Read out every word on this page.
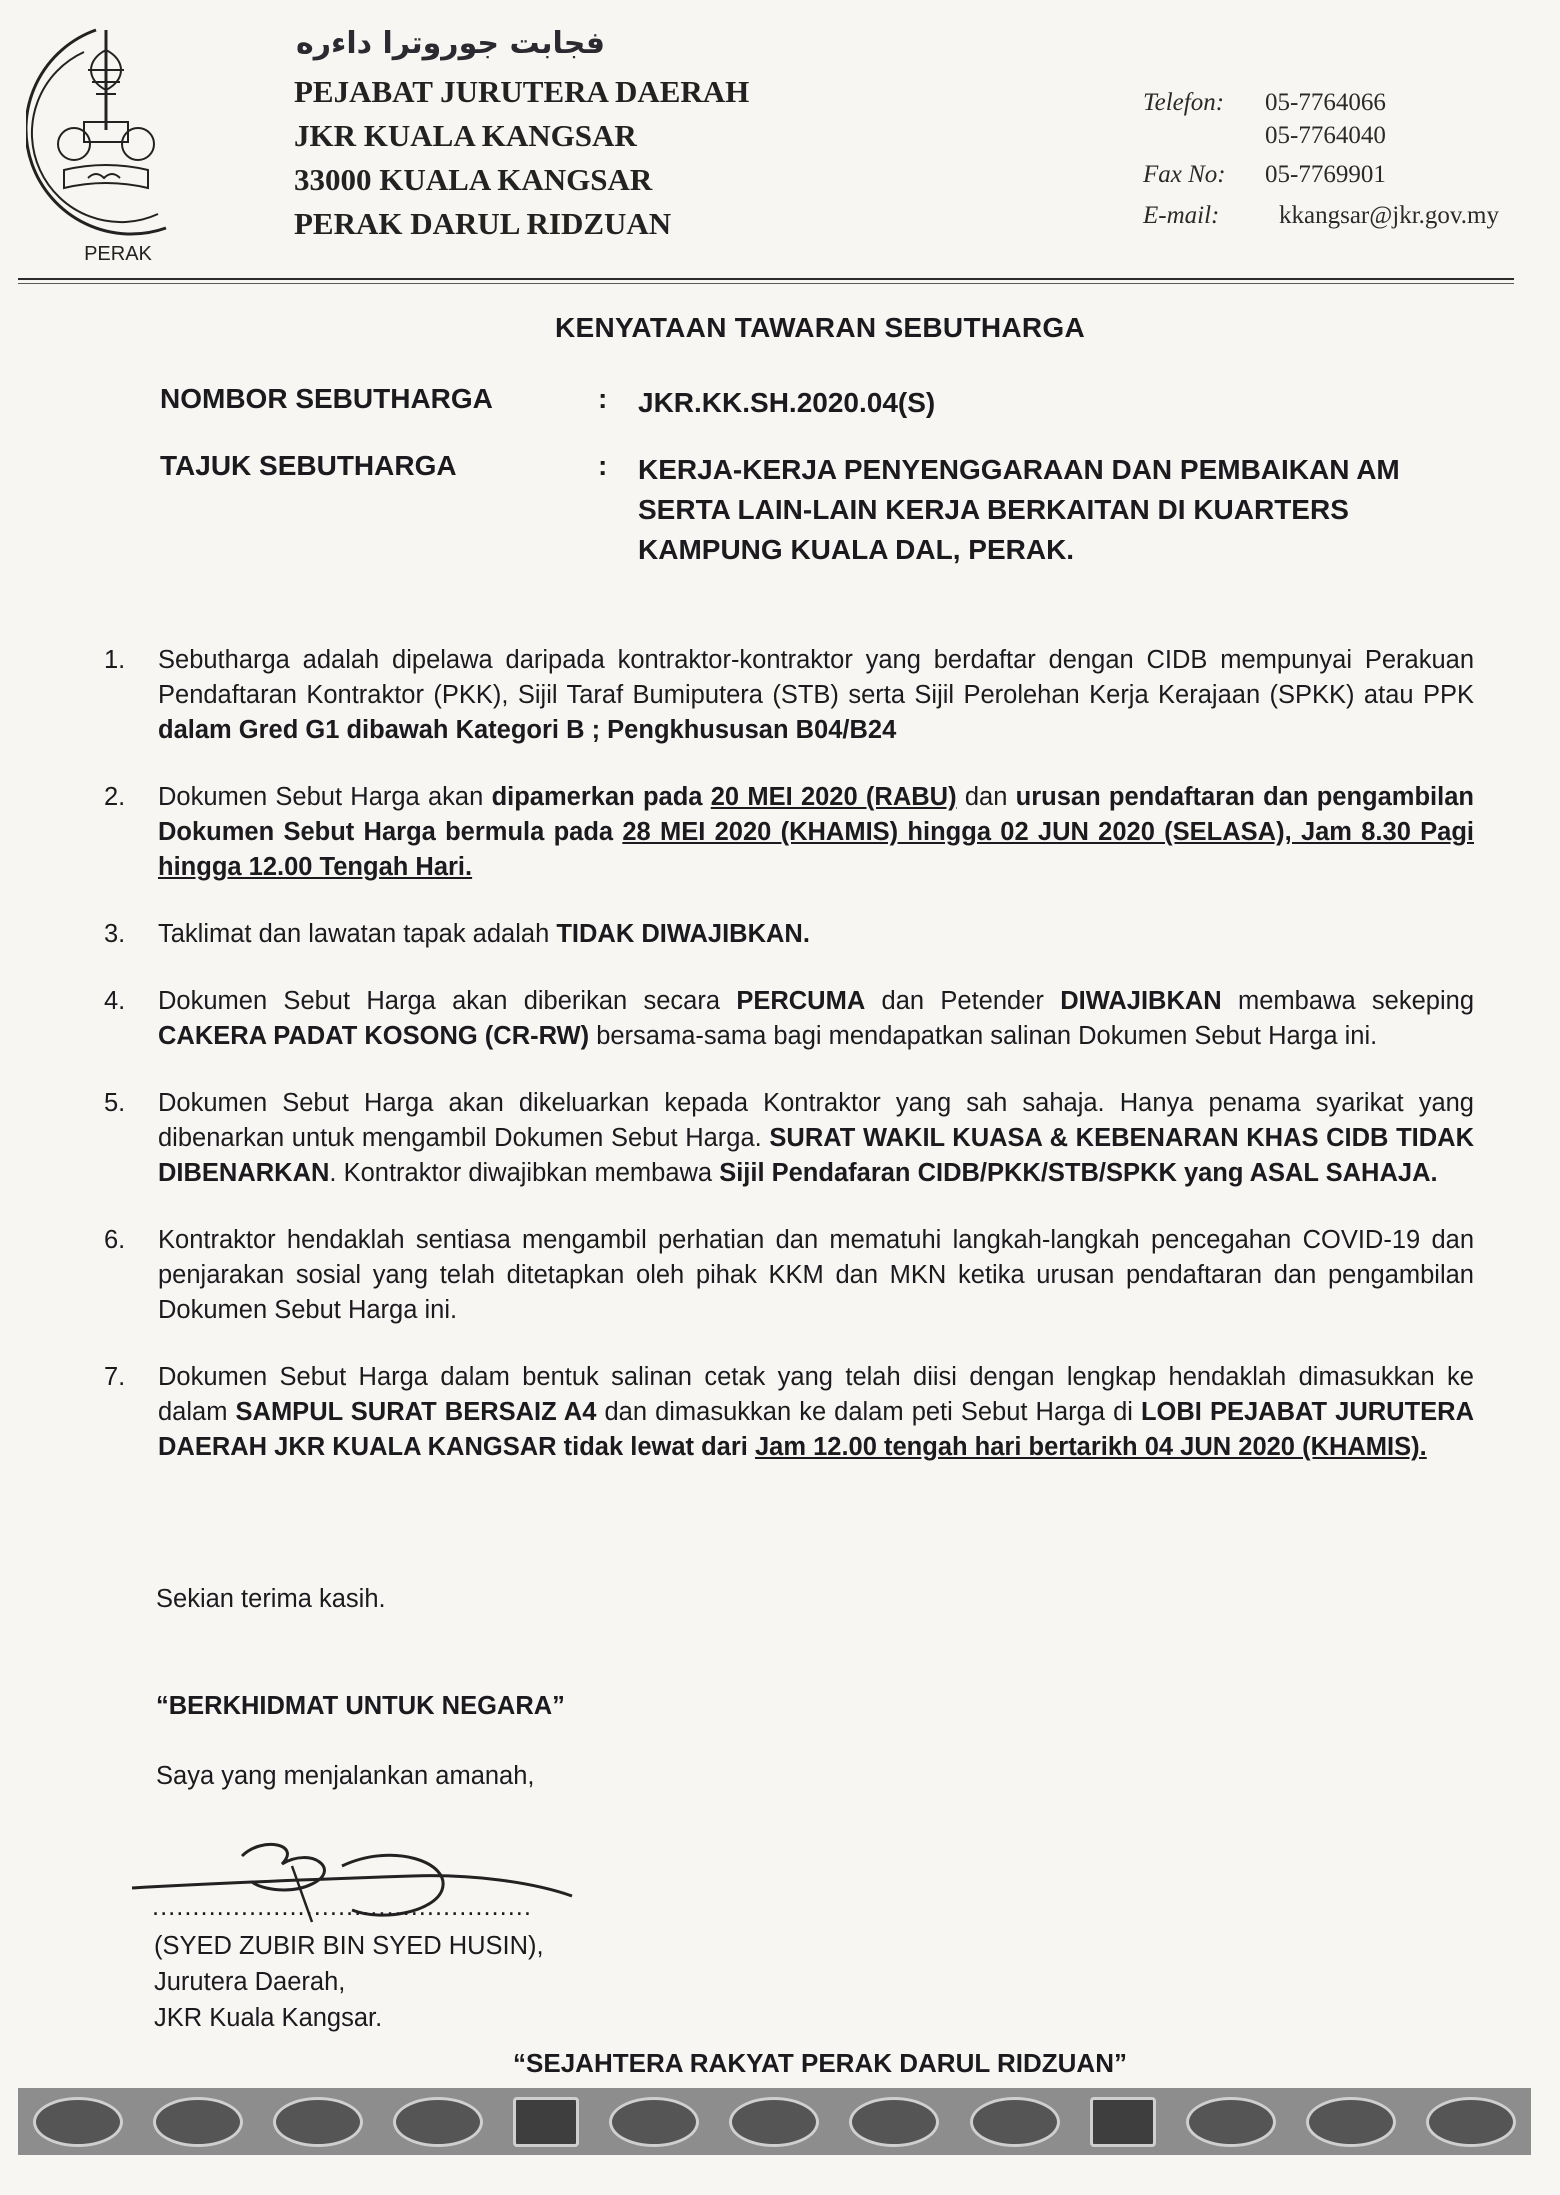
PERAK
فجابت جوروترا داءره
PEJABAT JURUTERA DAERAH
JKR KUALA KANGSAR
33000 KUALA KANGSAR
PERAK DARUL RIDZUAN
Telefon:	05-7764066
05-7764040
Fax No:	05-7769901
E-mail:	kkangsar@jkr.gov.my
KENYATAAN TAWARAN SEBUTHARGA
NOMBOR SEBUTHARGA	:	JKR.KK.SH.2020.04(S)
TAJUK SEBUTHARGA	:	KERJA-KERJA PENYENGGARAAN DAN PEMBAIKAN AM SERTA LAIN-LAIN KERJA BERKAITAN DI KUARTERS KAMPUNG KUALA DAL, PERAK.
1.	Sebutharga adalah dipelawa daripada kontraktor-kontraktor yang berdaftar dengan CIDB mempunyai Perakuan Pendaftaran Kontraktor (PKK), Sijil Taraf Bumiputera (STB) serta Sijil Perolehan Kerja Kerajaan (SPKK) atau PPK dalam Gred G1 dibawah Kategori B ; Pengkhususan B04/B24
2.	Dokumen Sebut Harga akan dipamerkan pada 20 MEI 2020 (RABU) dan urusan pendaftaran dan pengambilan Dokumen Sebut Harga bermula pada 28 MEI 2020 (KHAMIS) hingga 02 JUN 2020 (SELASA), Jam 8.30 Pagi hingga 12.00 Tengah Hari.
3.	Taklimat dan lawatan tapak adalah TIDAK DIWAJIBKAN.
4.	Dokumen Sebut Harga akan diberikan secara PERCUMA dan Petender DIWAJIBKAN membawa sekeping CAKERA PADAT KOSONG (CR-RW) bersama-sama bagi mendapatkan salinan Dokumen Sebut Harga ini.
5.	Dokumen Sebut Harga akan dikeluarkan kepada Kontraktor yang sah sahaja. Hanya penama syarikat yang dibenarkan untuk mengambil Dokumen Sebut Harga. SURAT WAKIL KUASA & KEBENARAN KHAS CIDB TIDAK DIBENARKAN. Kontraktor diwajibkan membawa Sijil Pendafaran CIDB/PKK/STB/SPKK yang ASAL SAHAJA.
6.	Kontraktor hendaklah sentiasa mengambil perhatian dan mematuhi langkah-langkah pencegahan COVID-19 dan penjarakan sosial yang telah ditetapkan oleh pihak KKM dan MKN ketika urusan pendaftaran dan pengambilan Dokumen Sebut Harga ini.
7.	Dokumen Sebut Harga dalam bentuk salinan cetak yang telah diisi dengan lengkap hendaklah dimasukkan ke dalam SAMPUL SURAT BERSAIZ A4 dan dimasukkan ke dalam peti Sebut Harga di LOBI PEJABAT JURUTERA DAERAH JKR KUALA KANGSAR tidak lewat dari Jam 12.00 tengah hari bertarikh 04 JUN 2020 (KHAMIS).
Sekian terima kasih.
“BERKHIDMAT UNTUK NEGARA”
Saya yang menjalankan amanah,
...............................................
(SYED ZUBIR BIN SYED HUSIN),
Jurutera Daerah,
JKR Kuala Kangsar.
“SEJAHTERA RAKYAT PERAK DARUL RIDZUAN”
